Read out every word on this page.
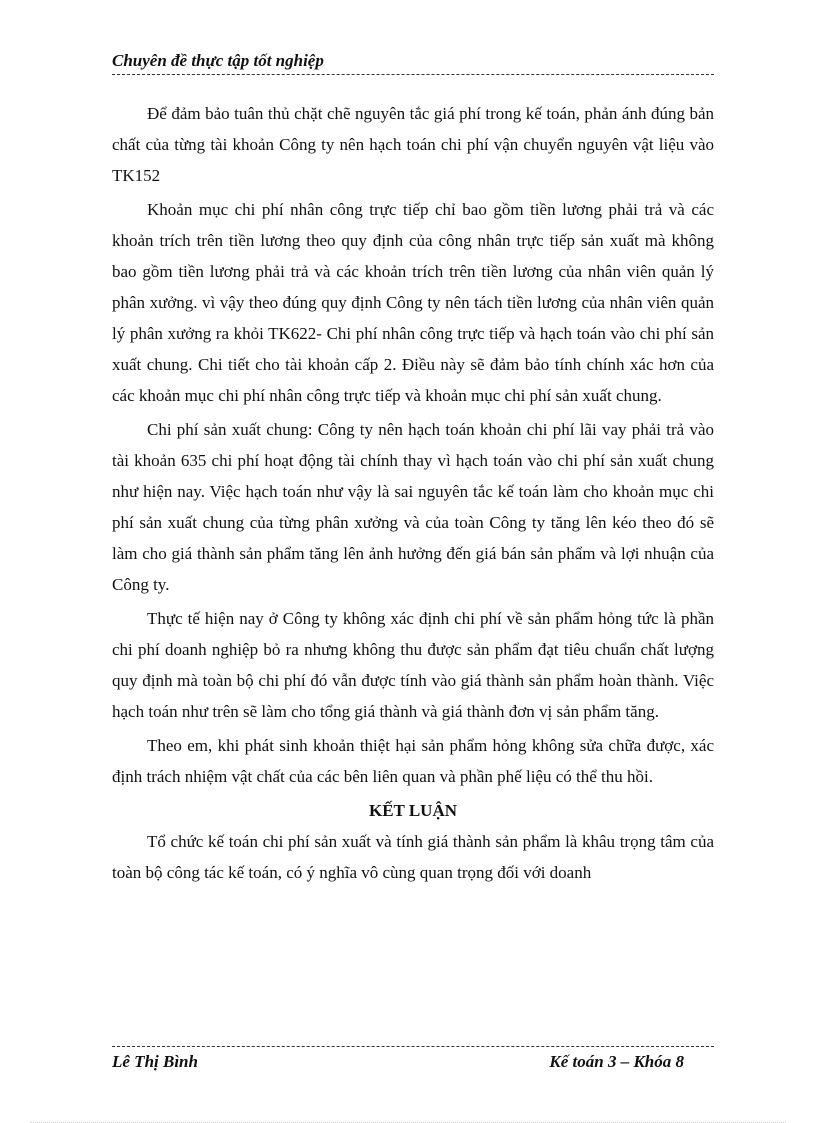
Chuyên đề thực tập tốt nghiệp

Để đảm bảo tuân thủ chặt chẽ nguyên tắc giá phí trong kế toán, phản ánh đúng bản chất của từng tài khoản Công ty nên hạch toán chi phí vận chuyển nguyên vật liệu vào TK152

Khoản mục chi phí nhân công trực tiếp chỉ bao gồm tiền lương phải trả và các khoản trích trên tiền lương theo quy định của công nhân trực tiếp sản xuất mà không bao gồm tiền lương phải trả và các khoản trích trên tiền lương của nhân viên quản lý phân xưởng. vì vậy theo đúng quy định Công ty nên tách tiền lương của nhân viên quản lý phân xưởng ra khỏi TK622- Chi phí nhân công trực tiếp và hạch toán vào chi phí sản xuất chung. Chi tiết cho tài khoản cấp 2. Điều này sẽ đảm bảo tính chính xác hơn của các khoản mục chi phí nhân công trực tiếp và khoản mục chi phí sản xuất chung.

Chi phí sản xuất chung: Công ty nên hạch toán khoản chi phí lãi vay phải trả vào tài khoản 635 chi phí hoạt động tài chính thay vì hạch toán vào chi phí sản xuất chung như hiện nay. Việc hạch toán như vậy là sai nguyên tắc kế toán làm cho khoản mục chi phí sản xuất chung của từng phân xưởng và của toàn Công ty tăng lên kéo theo đó sẽ làm cho giá thành sản phẩm tăng lên ảnh hưởng đến giá bán sản phẩm và lợi nhuận của Công ty.

Thực tế hiện nay ở Công ty không xác định chi phí về sản phẩm hỏng tức là phần chi phí doanh nghiệp bỏ ra nhưng không thu được sản phẩm đạt tiêu chuẩn chất lượng quy định mà toàn bộ chi phí đó vẫn được tính vào giá thành sản phẩm hoàn thành. Việc hạch toán như trên sẽ làm cho tổng giá thành và giá thành đơn vị sản phẩm tăng.

Theo em, khi phát sinh khoản thiệt hại sản phẩm hỏng không sửa chữa được, xác định trách nhiệm vật chất của các bên liên quan và phần phế liệu có thể thu hồi.

KẾT LUẬN

Tổ chức kế toán chi phí sản xuất và tính giá thành sản phẩm là khâu trọng tâm của toàn bộ công tác kế toán, có ý nghĩa vô cùng quan trọng đối với doanh

Lê Thị Bình	Kế toán 3 – Khóa 8
